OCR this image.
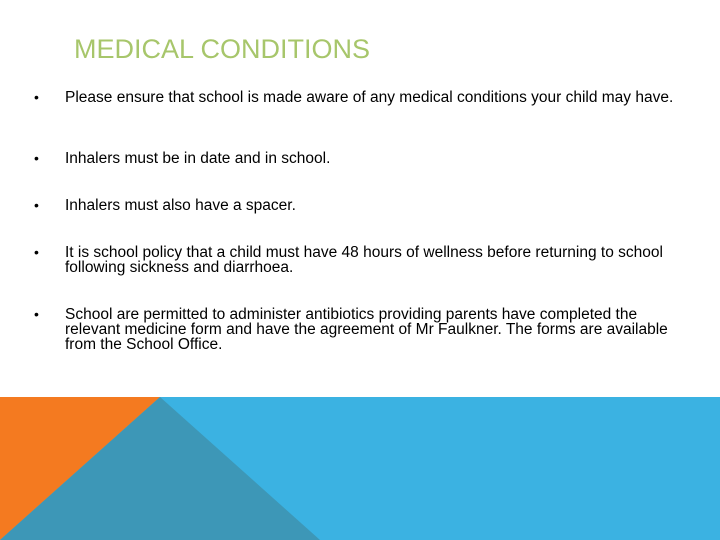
MEDICAL CONDITIONS
• Please ensure that school is made aware of any medical conditions your child may have.
• Inhalers must be in date and in school.
• Inhalers must also have a spacer.
• It is school policy that a child must have 48 hours of wellness before returning to school following sickness and diarrhoea.
• School are permitted to administer antibiotics providing parents have completed the relevant medicine form and have the agreement of Mr Faulkner. The forms are available from the School Office.
